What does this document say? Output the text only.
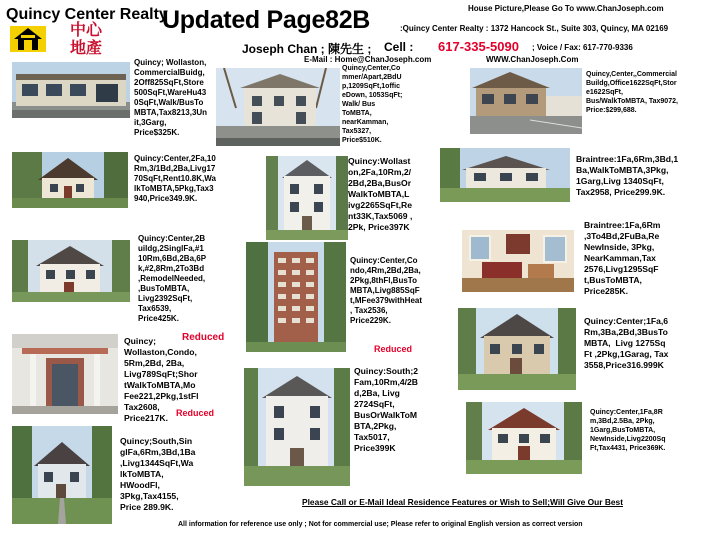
Quincy Center Realty
中 心
地 產
Updated Page82B	House Picture,Please Go To www.ChanJoseph.com
:Quincy Center Realty : 1372 Hancock St., Suite 303, Quincy, MA 02169
Joseph Chan ; 陳先生 ; Cell : 617-335-5090 ; Voice / Fax: 617-770-9336
E-Mail : Home@ChanJoseph.com	WWW.ChanJoseph.Com
Quincy; Wollaston,
CommercialBuidg,
2Off825SqFt,Store
500SqFt,WareHu43
0SqFt,Walk/BusTo
MBTA,Tax8213,3Un
it,3Garg,
Price$325K.
Quincy,Center,Co
mmer/Apart,2BdU
p,1209SqFt,1offic
eDown, 1053SqFt;
Walk/ Bus
ToMBTA,
nearKamman,
Tax5327,
Price$510K.
Quincy,Center,,Commercial
Buildg,Office1622SqFt,Stor
e1622SqFt,
Bus/WalkToMBTA, Tax9072,
Price:$299,688.
Quincy:Center,2Fa,10
Rm,3/1Bd,2Ba,Livg17
70SqFt,Rent10.8K,Wa
lkToMBTA,5Pkg,Tax3
940,Price349.9K.
Quincy:Wollast
on,2Fa,10Rm,2/
2Bd,2Ba,BusOr
WalkToMBTA,L
ivg2265SqFt,Re
nt33K,Tax5069 ,
2Pk, Price397K
Braintree:1Fa,6Rm,3Bd,1
Ba,WalkToMBTA,3Pkg,
1Garg,Livg 1340SqFt,
Tax2958, Price299.9K.
Quincy:Center,2B
uildg,2SinglFa,#1
10Rm,6Bd,2Ba,6P
k,#2,8Rm,2To3Bd
,RemodelNeeded,
,BusToMBTA,
Livg2392SqFt,
Tax6539,
Price425K.
Quincy:Center,Co
ndo,4Rm,2Bd,2Ba,
2Pkg,8thFl,BusTo
MBTA,Livg885SqF
t,MFee379withHeat
, Tax2536,
Price229K.
Braintree:1Fa,6Rm
,3To4Bd,2FuBa,Re
NewInside, 3Pkg,
NearKamman,Tax
2576,Livg1295SqF
t,BusToMBTA,
Price285K.
Quincy;
Wollaston,Condo,
5Rm,2Bd, 2Ba,
Livg789SqFt;Shor
tWalkToMBTA,Mo
Fee221,2Pkg,1stFl
Tax2608,
Price217K.
Quincy:Center;1Fa,6
Rm,3Ba,2Bd,3BusTo
MBTA,  Livg 1275Sq
Ft ,2Pkg,1Garag, Tax
3558,Price316.999K
Quincy:South;2
Fam,10Rm,4/2B
d,2Ba, Livg
2724SqFt,
BusOrWalkToM
BTA,2Pkg,
Tax5017,
Price399K
Quincy;South,Sin
glFa,6Rm,3Bd,1Ba
,Livg1344SqFt,Wa
lkToMBTA,
HWoodFl,
3Pkg,Tax4155,
Price 289.9K.
Quincy:Center,1Fa,8R
m,3Bd,2.5Ba, 2Pkg,
1Garg,BusToMBTA,
NewInside,Livg2200Sq
Ft,Tax4431, Price369K.
Reduced
Reduced
Reduced
Please Call or E-Mail Ideal Residence Features or Wish to Sell;Will Give Our Best
All information for reference use only ; Not for commercial use; Please refer to original English version as correct version
